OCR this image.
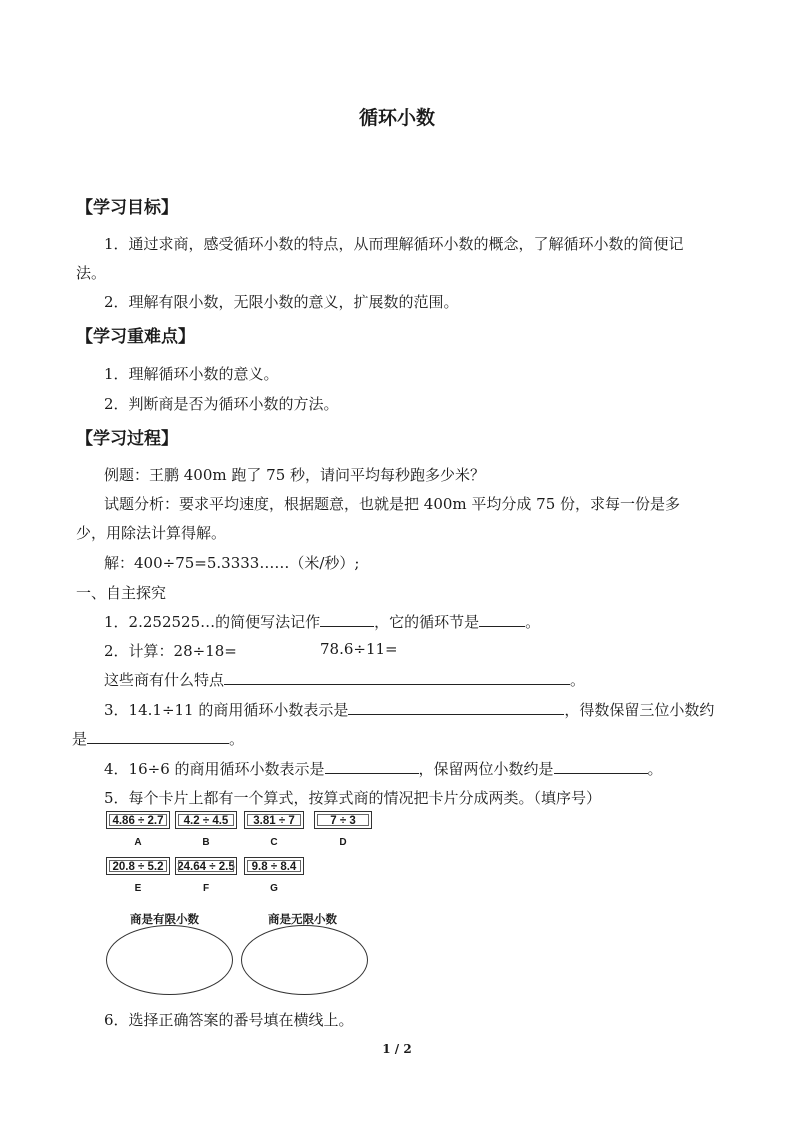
循环小数
【学习目标】
1．通过求商，感受循环小数的特点，从而理解循环小数的概念，了解循环小数的简便记
法。
2．理解有限小数，无限小数的意义，扩展数的范围。
【学习重难点】
1．理解循环小数的意义。
2．判断商是否为循环小数的方法。
【学习过程】
例题：王鹏 400m 跑了 75 秒，请问平均每秒跑多少米？
试题分析：要求平均速度，根据题意，也就是把 400m 平均分成 75 份，求每一份是多
少，用除法计算得解。
解：400÷75=5.3333……（米/秒）;
一、自主探究
1．2.252525…的简便写法记作	，它的循环节是	。
2．计算：28÷18=	78.6÷11=
这些商有什么特点	。
3．14.1÷11 的商用循环小数表示是	，得数保留三位小数约
是	。
4．16÷6 的商用循环小数表示是	，保留两位小数约是	。
5．每个卡片上都有一个算式，按算式商的情况把卡片分成两类。（填序号）
4.86 ÷ 2.7	4.2 ÷ 4.5	3.81 ÷ 7	7 ÷ 3
A	B	C	D
20.8 ÷ 5.2	24.64 ÷ 2.5	9.8 ÷ 8.4
E	F	G
商是有限小数	商是无限小数
6．选择正确答案的番号填在横线上。
1 / 2
